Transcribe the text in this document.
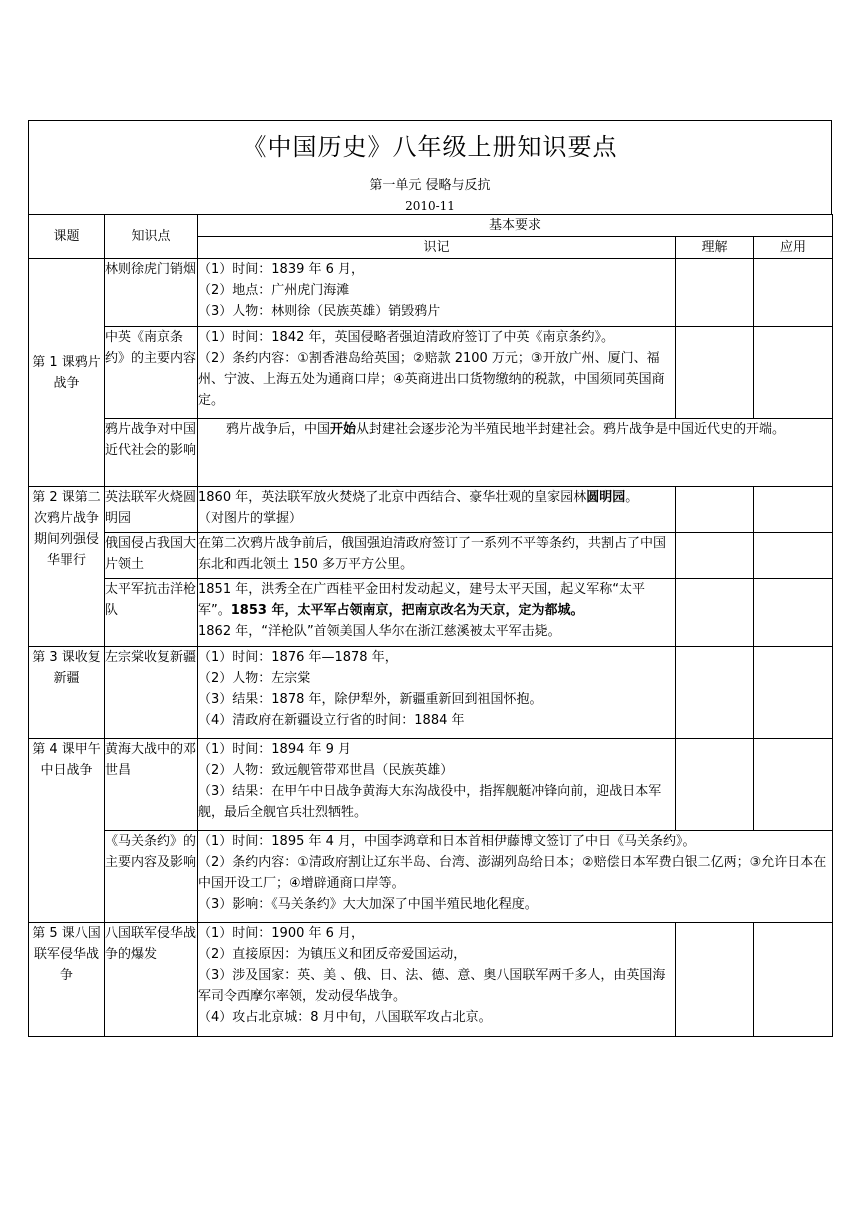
《中国历史》八年级上册知识要点
第一单元 侵略与反抗
2010-11
课题	知识点	基本要求		
		识记	理解	应用
第 1 课鸦片战争	林则徐虎门销烟	（1）时间：1839 年 6 月，
（2）地点：广州虎门海滩
（3）人物：林则徐（民族英雄）销毁鸦片		

	中英《南京条约》的主要内容	（1）时间：1842 年，英国侵略者强迫清政府签订了中英《南京条约》。
（2）条约内容：①割香港岛给英国；②赔款 2100 万元；③开放广州、厦门、福州、宁波、上海五处为通商口岸；④英商进出口货物缴纳的税款，中国须同英国商定。		

	鸦片战争对中国近代社会的影响	鸦片战争后，中国开始从封建社会逐步沦为半殖民地半封建社会。鸦片战争是中国近代史的开端。		
第 2 课第二次鸦片战争期间列强侵华罪行	英法联军火烧圆明园	1860 年，英法联军放火焚烧了北京中西结合、豪华壮观的皇家园林圆明园。
（对图片的掌握）		

	俄国侵占我国大片领土	在第二次鸦片战争前后，俄国强迫清政府签订了一系列不平等条约，共割占了中国东北和西北领土 150 多万平方公里。		

	太平军抗击洋枪队	1851 年，洪秀全在广西桂平金田村发动起义，建号太平天国，起义军称“太平军”。1853 年，太平军占领南京，把南京改名为天京，定为都城。
1862 年，“洋枪队”首领美国人华尔在浙江慈溪被太平军击毙。		

第 3 课收复新疆	左宗棠收复新疆	（1）时间：1876 年—1878 年，
（2）人物：左宗棠
（3）结果：1878 年，除伊犁外，新疆重新回到祖国怀抱。
（4）清政府在新疆设立行省的时间：1884 年		

第 4 课甲午中日战争	黄海大战中的邓世昌	（1）时间：1894 年 9 月
（2）人物：致远舰管带邓世昌（民族英雄）
（3）结果：在甲午中日战争黄海大东沟战役中，指挥舰艇冲锋向前，迎战日本军舰，最后全舰官兵壮烈牺牲。		

	《马关条约》的主要内容及影响	（1）时间：1895 年 4 月，中国李鸿章和日本首相伊藤博文签订了中日《马关条约》。
（2）条约内容：①清政府割让辽东半岛、台湾、澎湖列岛给日本；②赔偿日本军费白银二亿两；③允许日本在中国开设工厂；④增辟通商口岸等。
（3）影响：《马关条约》大大加深了中国半殖民地化程度。		

第 5 课八国联军侵华战争	八国联军侵华战争的爆发	（1）时间：1900 年 6 月，
（2）直接原因：为镇压义和团反帝爱国运动，
（3）涉及国家：英、美 、俄、日、法、德、意、奥八国联军两千多人，由英国海军司令西摩尔率领，发动侵华战争。
（4）攻占北京城：8 月中旬，八国联军攻占北京。		
